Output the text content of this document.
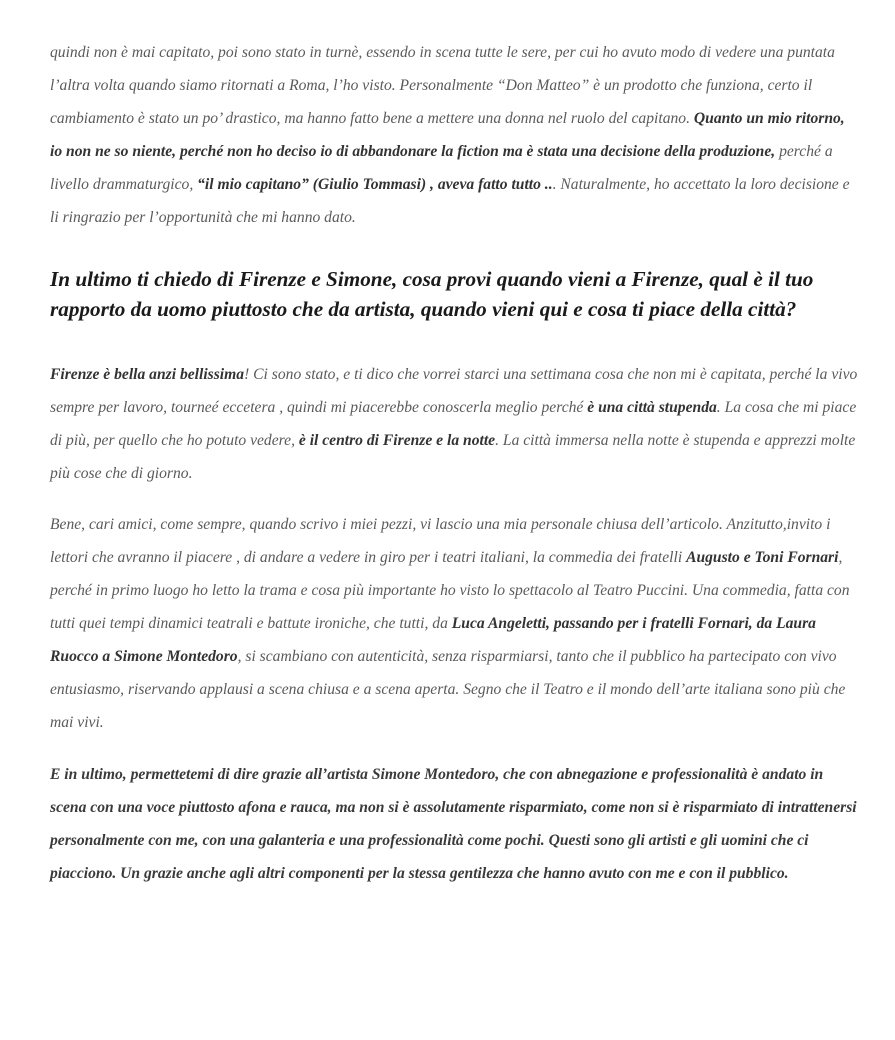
quindi non è mai capitato, poi sono stato in turnè, essendo in scena tutte le sere, per cui ho avuto modo di vedere una puntata l’altra volta quando siamo ritornati a Roma, l’ho visto. Personalmente “Don Matteo” è un prodotto che funziona, certo il cambiamento è stato un po’ drastico, ma hanno fatto bene a mettere una donna nel ruolo del capitano. Quanto un mio ritorno, io non ne so niente, perché non ho deciso io di abbandonare la fiction ma è stata una decisione della produzione, perché a livello drammaturgico, “il mio capitano” (Giulio Tommasi) , aveva fatto tutto ... Naturalmente, ho accettato la loro decisione e li ringrazio per l’opportunità che mi hanno dato.

In ultimo ti chiedo di Firenze e Simone, cosa provi quando vieni a Firenze, qual è il tuo rapporto da uomo piuttosto che da artista, quando vieni qui e cosa ti piace della città?

Firenze è bella anzi bellissima! Ci sono stato, e ti dico che vorrei starci una settimana cosa che non mi è capitata, perché la vivo sempre per lavoro, tourneé eccetera , quindi mi piacerebbe conoscerla meglio perché è una città stupenda. La cosa che mi piace di più, per quello che ho potuto vedere, è il centro di Firenze e la notte. La città immersa nella notte è stupenda e apprezzi molte più cose che di giorno.

Bene, cari amici, come sempre, quando scrivo i miei pezzi, vi lascio una mia personale chiusa dell’articolo. Anzitutto,invito i lettori che avranno il piacere , di andare a vedere in giro per i teatri italiani, la commedia dei fratelli Augusto e Toni Fornari, perché in primo luogo ho letto la trama e cosa più importante ho visto lo spettacolo al Teatro Puccini. Una commedia, fatta con tutti quei tempi dinamici teatrali e battute ironiche, che tutti, da Luca Angeletti, passando per i fratelli Fornari, da Laura Ruocco a Simone Montedoro, si scambiano con autenticità, senza risparmiarsi, tanto che il pubblico ha partecipato con vivo entusiasmo, riservando applausi a scena chiusa e a scena aperta. Segno che il Teatro e il mondo dell’arte italiana sono più che mai vivi.

E in ultimo, permettetemi di dire grazie all’artista Simone Montedoro, che con abnegazione e professionalità è andato in scena con una voce piuttosto afona e rauca, ma non si è assolutamente risparmiato, come non si è risparmiato di intrattenersi personalmente con me, con una galanteria e una professionalità come pochi. Questi sono gli artisti e gli uomini che ci piacciono. Un grazie anche agli altri componenti per la stessa gentilezza che hanno avuto con me e con il pubblico.
